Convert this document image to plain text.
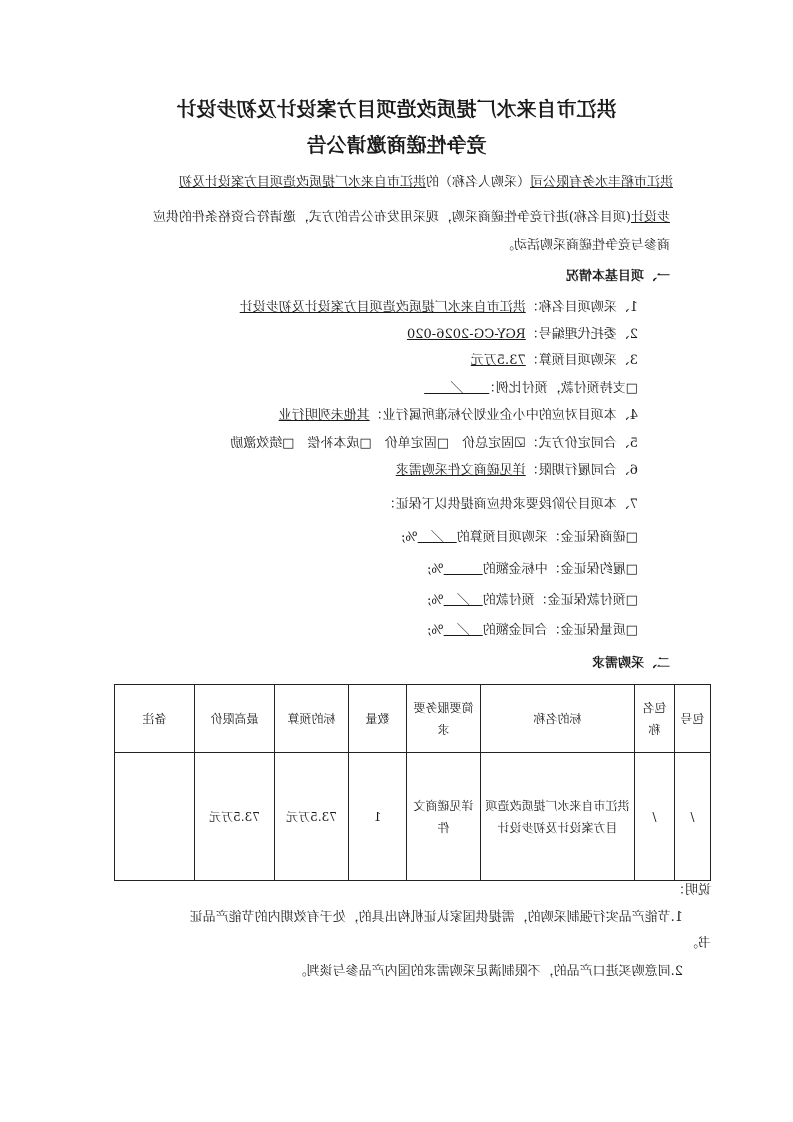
洪江市自来水厂提质改造项目方案设计及初步设计
竞争性磋商邀请公告
洪江市稻丰水务有限公司（采购人名称）的洪江市自来水厂提质改造项目方案设计及初
步设计(项目名称)进行竞争性磋商采购，现采用发布公告的方式，邀请符合资格条件的供应
商参与竞争性磋商采购活动。
一、项目基本情况
1、采购项目名称：洪江市自来水厂提质改造项目方案设计及初步设计
2、委托代理编号：RGY-CG-2026-020
3、采购项目预算：73.5万元
□支持预付款，预付比例：　　／　　
4、本项目对应的中小企业划分标准所属行业：其他未列明行业
5、合同定价方式：☑固定总价　□固定单价　□成本补偿　□绩效激励
6、合同履行期限：详见磋商文件采购需求
7、本项目分阶段要求供应商提供以下保证：
□磋商保证金：采购项目预算的　／　%;
□履约保证金：中标金额的　　　%;
□预付款保证金：预付款的　／　%;
□质量保证金：合同金额的　／　%;
二、采购需求
包号	包名称	标的名称	简要服务要求	数量	标的预算	最高限价	备注
/	/	洪江市自来水厂提质改造项目方案设计及初步设计	详见磋商文件	1	73.5万元	73.5万元	
说明：
1.节能产品实行强制采购的，需提供国家认证机构出具的，处于有效期内的节能产品证
书。
2.同意购买进口产品的，不限制满足采购需求的国内产品参与谈判。
